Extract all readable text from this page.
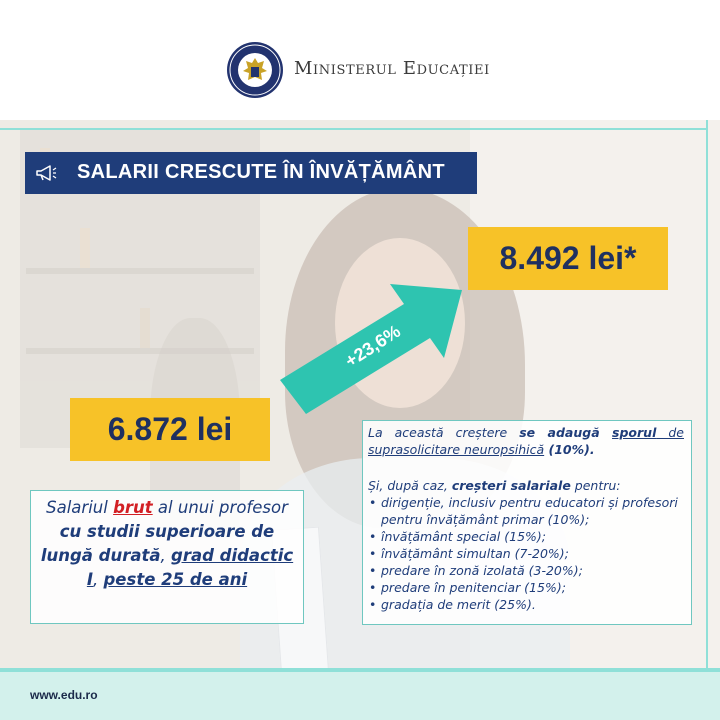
Ministerul Educației
SALARII CRESCUTE ÎN ÎNVĂȚĂMÂNT
8.492 lei*
+23,6%
6.872 lei

Salariul brut al unui profesor cu studii superioare de lungă durată, grad didactic I, peste 25 de ani

La această creștere se adaugă sporul de suprasolicitare neuropsihică (10%).
Și, după caz, creșteri salariale pentru:
• dirigenție, inclusiv pentru educatori și profesori pentru învățământ primar (10%);
• învățământ special (15%);
• învățământ simultan (7-20%);
• predare în zonă izolată (3-20%);
• predare în penitenciar (15%);
• gradația de merit (25%).
www.edu.ro
